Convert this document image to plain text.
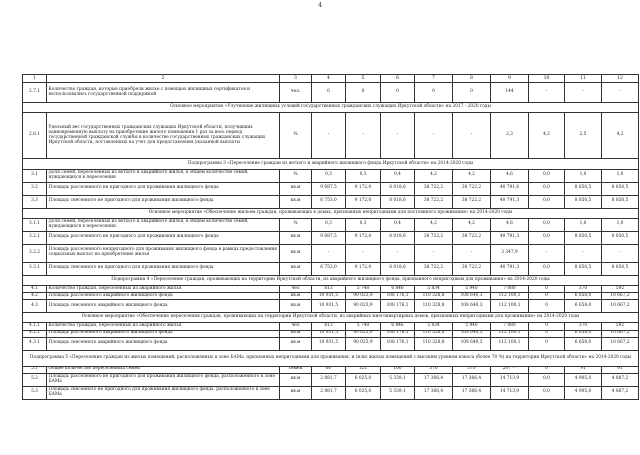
4
1	2	3	4	5	6	7	8	9	10	11	12
2.7.1	Количество граждан, которые приобрели жилье с помощью жилищных сертификатов и воспользовались государственной поддержкой	чел.	0	0	0	0	0	144	-	-	-
Основное мероприятие «Улучшение жилищных условий государственных гражданских служащих Иркутской области» на 2017 - 2020 годы											
2.8.1	Удельный вес государственных гражданских служащих Иркутской области, получивших единовременную выплату на приобретение жилого помещения 1 раз за весь период государственной гражданской службы в количестве государственных гражданских служащих Иркутской области, поставленных на учет для предоставления указанной выплаты	%	-	-	-	-	-	2,3	4,2	2,5	4,2
Подпрограмма 3 «Переселение граждан из ветхого и аварийного жилищного фонда Иркутской области» на 2014-2020 годы											
3.1	Доля семей, переселенных из ветхого и аварийного жилья, в общем количестве семей, нуждающихся в переселении	%	0,3	0,3	0,4	4,2	4,2	4,6	0,0	1,0	1,0
3.2	Площадь расселенного не пригодного для проживания жилищного фонда	кв.м	9 687,5	9 172,0	8 018,6	38 722,2	38 722,2	40 791,6	0,0	8 850,5	8 850,5
3.3	Площадь снесенного не пригодного для проживания жилищного фонда	кв.м	6 753,0	9 172,0	8 018,6	38 722,2	38 722,2	40 791,3	0,0	8 850,5	8 850,5
Основное мероприятие «Обеспечение жильем граждан, проживающих в домах, признанных непригодными для постоянного проживания» на 2014-2020 годы											
3.1.1	Доля семей, переселенных из ветхого и аварийного жилья, в общем количестве семей, нуждающихся в переселении	%	0,3	0,3	0,4	4,2	4,2	4,6	0,0	1,0	1,0
3.2.1	Площадь расселенного не пригодного для проживания жилищного фонда	кв.м	9 687,5	9 172,0	8 018,6	38 722,2	38 722,2	40 791,3	0,0	8 850,5	8 850,5
3.2.2	Площадь расселенного непригодного для проживания жилищного фонда в рамках предоставления социальных выплат на приобретение жилья	кв.м	-	-	-	-	-	3 347,9	-	-	-
3.3.1	Площадь снесенного не пригодного для проживания жилищного фонда	кв.м	6 753,0	9 172,0	8 018,6	38 722,2	38 722,2	40 791,3	0,0	8 850,5	8 850,5
Подпрограмма 4 «Переселение граждан, проживающих на территории Иркутской области, из аварийного жилищного фонда, признанного непригодным для проживания» на 2014-2020 годы											
4.1	Количество граждан, переселенных из аварийного жилья	чел	813	5 748	6 846	5 834	5 940	7 080	0	370	592
4.2	Площадь расселенного аварийного жилищного фонда	кв.м	10 931,5	90 023,9	108 176,1	110 328,8	108 640,3	112 100,1	0	6 658,0	10 667,2
4.3	Площадь снесенного аварийного жилищного фонда	кв.м	10 931,5	90 023,9	108 176,1	110 328,8	108 640,3	112 100,1	0	6 658,0	10 667,2
Основное мероприятие «Обеспечение переселения граждан, проживающих на территории Иркутской области, из аварийных многоквартирных домов, признанных непригодными для проживания» на 2014-2020 годы											
4.1.1	Количество граждан, переселенных из аварийного жилья	чел	813	5 748	6 846	5 834	5 940	7 080	0	370	592
4.2.1	Площадь расселенного аварийного жилищного фонда	кв.м	10 931,5	90 023,9	108 176,1	110 328,8	108 640,3	112 100,1	0	6 658,0	10 667,2
4.3.1	Площадь снесенного аварийного жилищного фонда	кв.м	10 931,5	90 023,9	108 176,1	110 328,8	108 640,3	112 100,1	0	6 658,0	10 667,2
Подпрограмма 5 «Переселение граждан из жилых помещений, расположенных в зоне БАМа, признанных непригодными для проживания, и (или) жилых помещений с высоким уровнем износа (более 70 %) на территории Иркутской области» на 2014-2020 годы											
5.1	Общее количество переселенных семей	семей	60	121	100	370	370	287 **	0	91	91
5.2	Площадь расселенного не пригодного для проживания жилищного фонда, расположенного в зоне БАМа	кв.м	2 881,7	6 025,0	5 339,1	17 366,4	17 366,4	14 713,9	0,0	4 905,0	4 887,2
5.3	Площадь снесенного не пригодного для проживания жилищного фонда, расположенного в зоне БАМа	кв.м	2 881,7	6 025,0	5 339,1	17 366,4	17 366,4	14 713,9	0,0	4 905,0	4 887,2
